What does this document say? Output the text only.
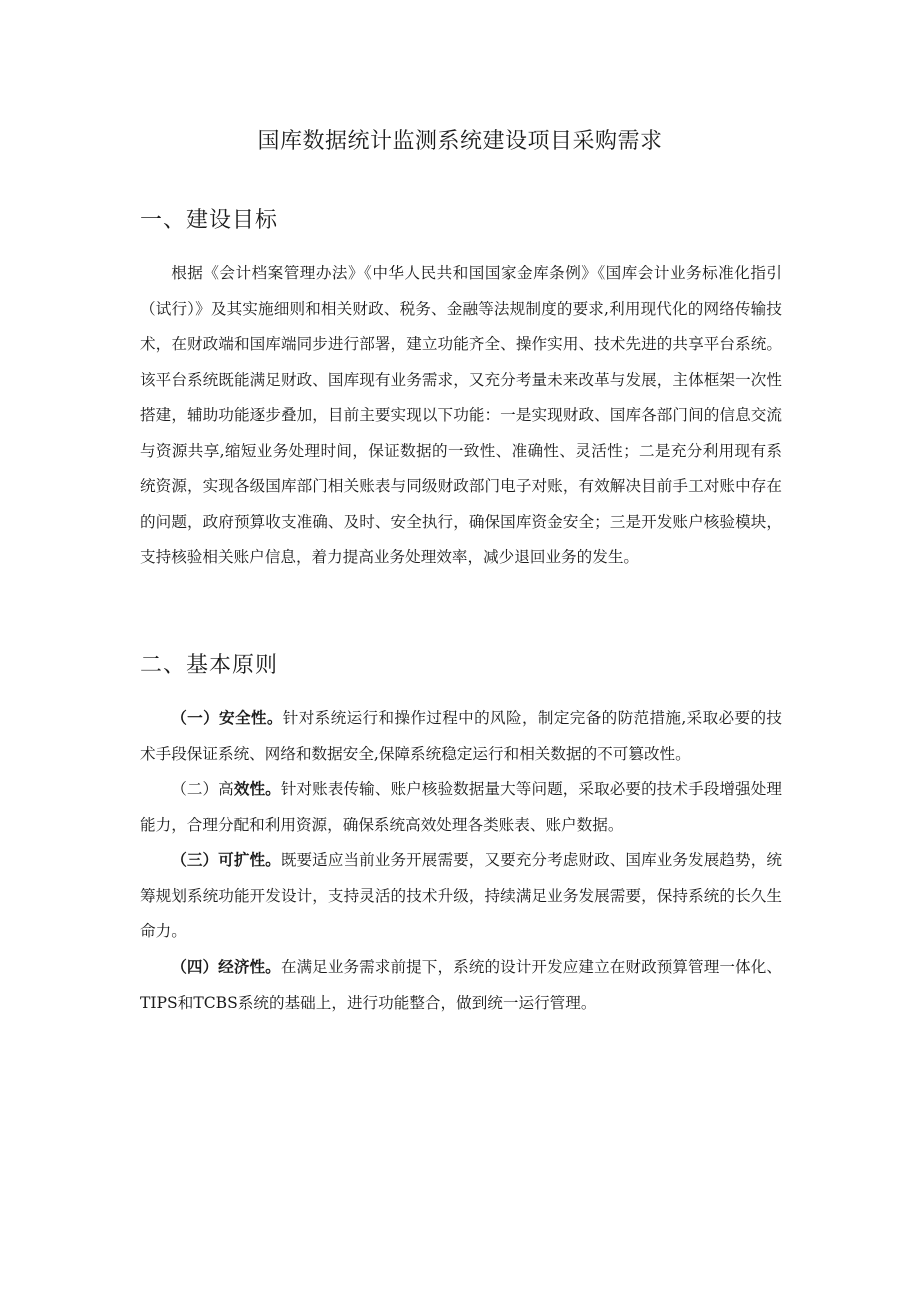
国库数据统计监测系统建设项目采购需求
一、建设目标

根据《会计档案管理办法》《中华人民共和国国家金库条例》《国库会计业务标准化指引（试行）》及其实施细则和相关财政、税务、金融等法规制度的要求,利用现代化的网络传输技术，在财政端和国库端同步进行部署，建立功能齐全、操作实用、技术先进的共享平台系统。该平台系统既能满足财政、国库现有业务需求，又充分考量未来改革与发展，主体框架一次性搭建，辅助功能逐步叠加，目前主要实现以下功能：一是实现财政、国库各部门间的信息交流与资源共享,缩短业务处理时间，保证数据的一致性、准确性、灵活性；二是充分利用现有系统资源，实现各级国库部门相关账表与同级财政部门电子对账，有效解决目前手工对账中存在的问题，政府预算收支准确、及时、安全执行，确保国库资金安全；三是开发账户核验模块，支持核验相关账户信息，着力提高业务处理效率，减少退回业务的发生。

二、基本原则

（一）安全性。针对系统运行和操作过程中的风险，制定完备的防范措施,采取必要的技术手段保证系统、网络和数据安全,保障系统稳定运行和相关数据的不可篡改性。

（二）高效性。针对账表传输、账户核验数据量大等问题，采取必要的技术手段增强处理能力，合理分配和利用资源，确保系统高效处理各类账表、账户数据。

（三）可扩性。既要适应当前业务开展需要，又要充分考虑财政、国库业务发展趋势，统筹规划系统功能开发设计，支持灵活的技术升级，持续满足业务发展需要，保持系统的长久生命力。

（四）经济性。在满足业务需求前提下，系统的设计开发应建立在财政预算管理一体化、TIPS和TCBS系统的基础上，进行功能整合，做到统一运行管理。
